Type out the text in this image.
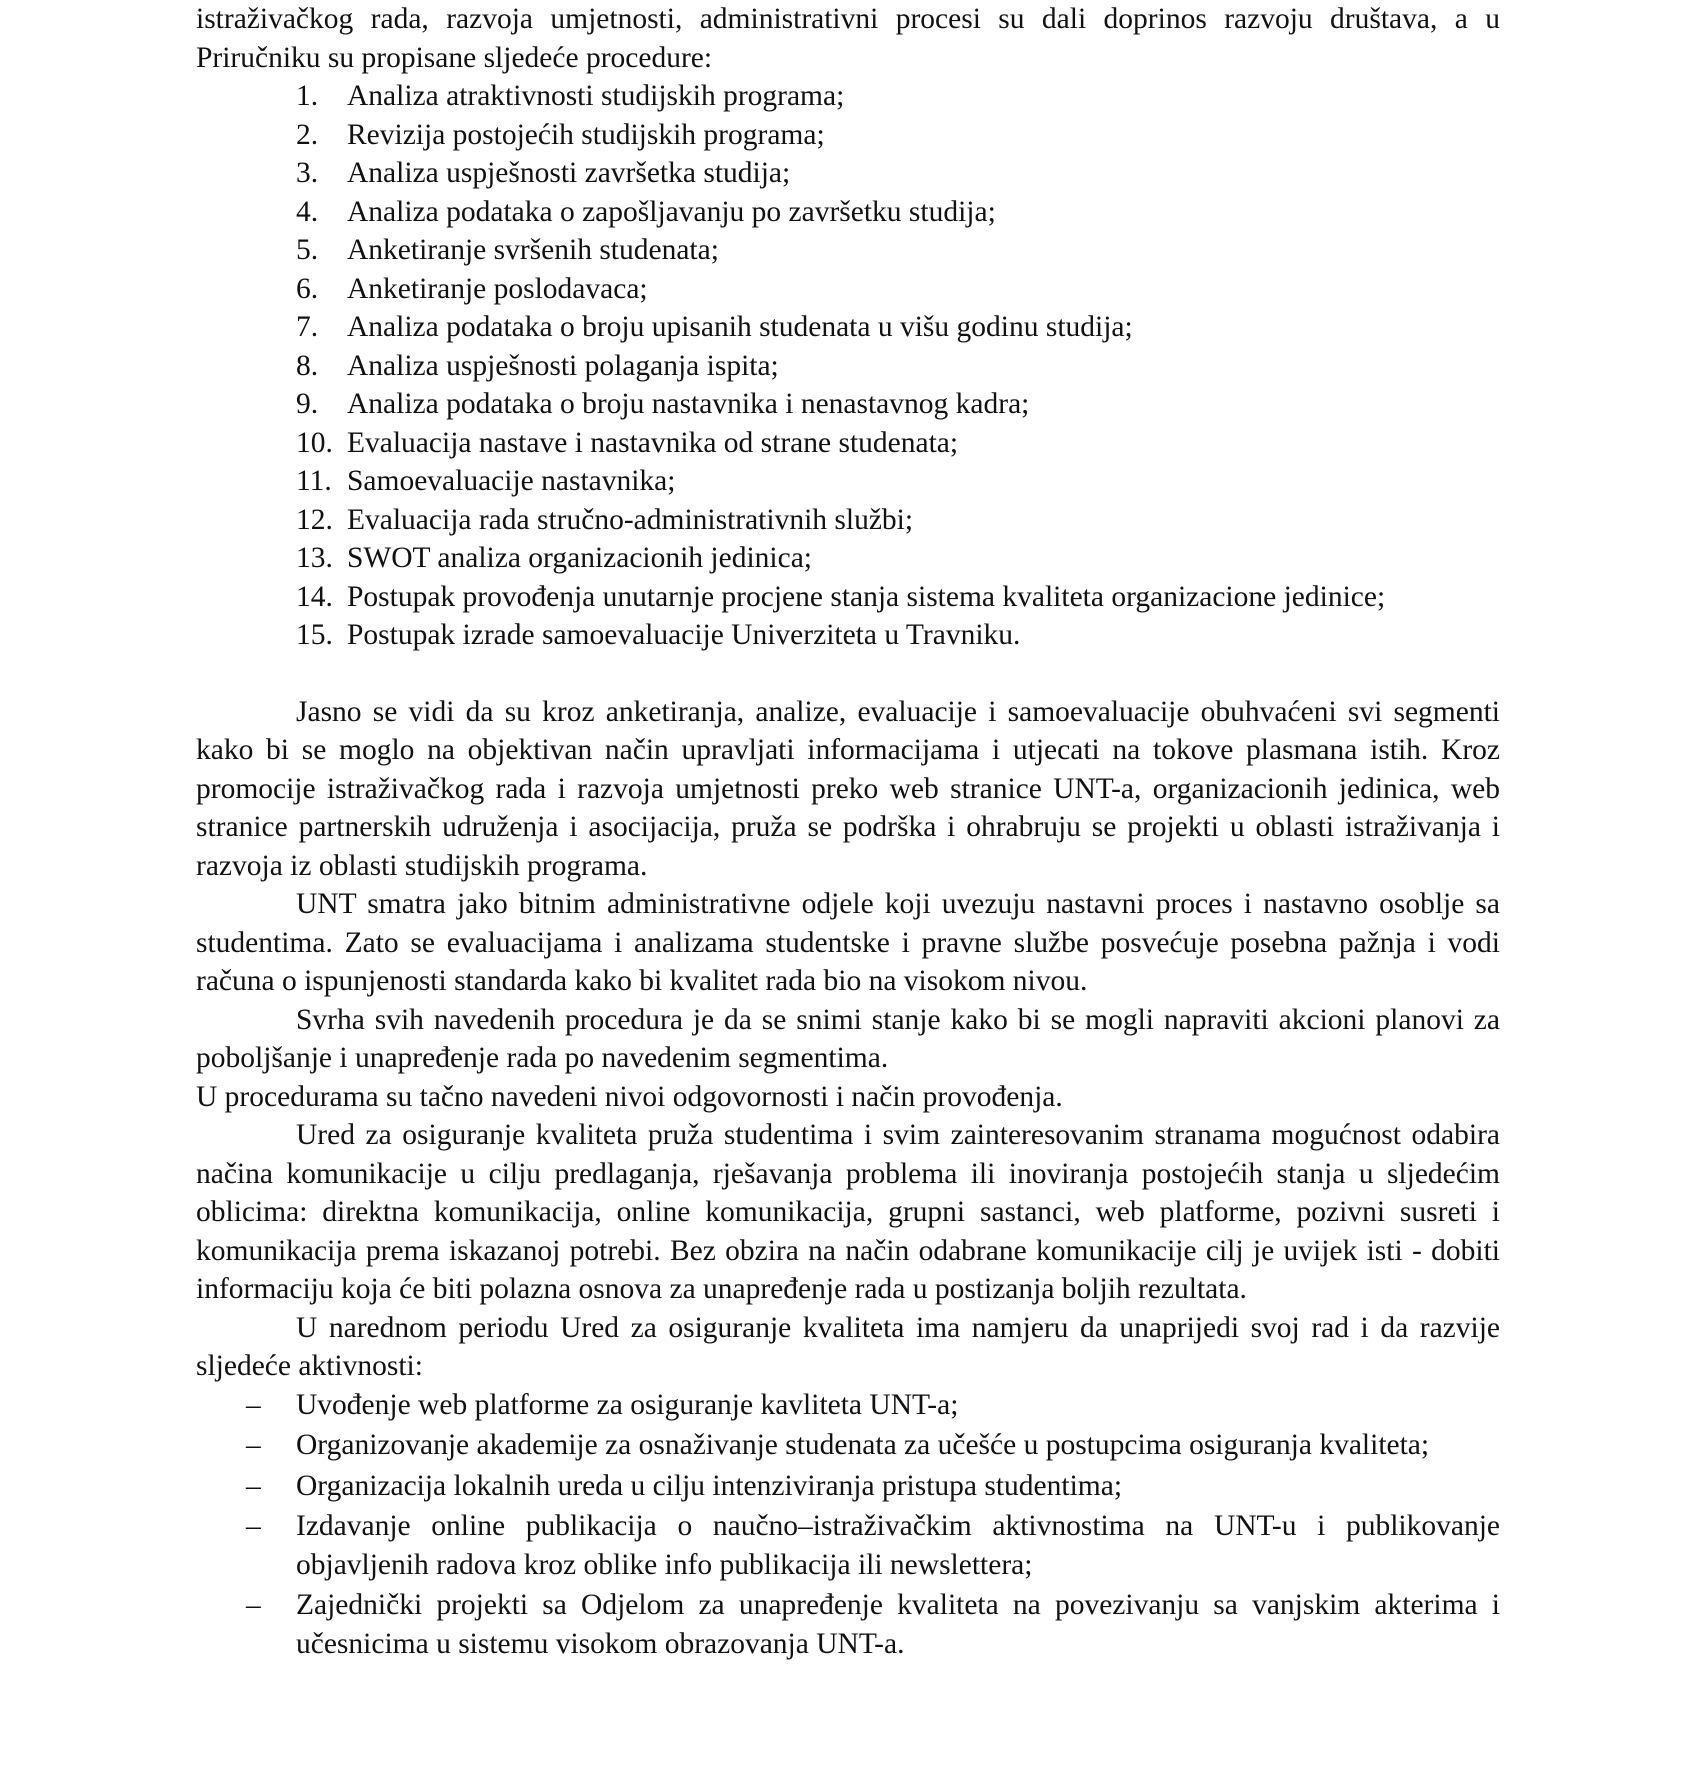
istraživačkog rada, razvoja umjetnosti, administrativni procesi su dali doprinos razvoju društava, a u Priručniku su propisane sljedeće procedure:

1. Analiza atraktivnosti studijskih programa;
2. Revizija postojećih studijskih programa;
3. Analiza uspješnosti završetka studija;
4. Analiza podataka o zapošljavanju po završetku studija;
5. Anketiranje svršenih studenata;
6. Anketiranje poslodavaca;
7. Analiza podataka o broju upisanih studenata u višu godinu studija;
8. Analiza uspješnosti polaganja ispita;
9. Analiza podataka o broju nastavnika i nenastavnog kadra;
10. Evaluacija nastave i nastavnika od strane studenata;
11. Samoevaluacije nastavnika;
12. Evaluacija rada stručno-administrativnih službi;
13. SWOT analiza organizacionih jedinica;
14. Postupak provođenja unutarnje procjene stanja sistema kvaliteta organizacione jedinice;
15. Postupak izrade samoevaluacije Univerziteta u Travniku.

Jasno se vidi da su kroz anketiranja, analize, evaluacije i samoevaluacije obuhvaćeni svi segmenti kako bi se moglo na objektivan način upravljati informacijama i utjecati na tokove plasmana istih. Kroz promocije istraživačkog rada i razvoja umjetnosti preko web stranice UNT-a, organizacionih jedinica, web stranice partnerskih udruženja i asocijacija, pruža se podrška i ohrabruju se projekti u oblasti istraživanja i razvoja iz oblasti studijskih programa.

UNT smatra jako bitnim administrativne odjele koji uvezuju nastavni proces i nastavno osoblje sa studentima. Zato se evaluacijama i analizama studentske i pravne službe posvećuje posebna pažnja i vodi računa o ispunjenosti standarda kako bi kvalitet rada bio na visokom nivou.

Svrha svih navedenih procedura je da se snimi stanje kako bi se mogli napraviti akcioni planovi za poboljšanje i unapređenje rada po navedenim segmentima.

U procedurama su tačno navedeni nivoi odgovornosti i način provođenja.

Ured za osiguranje kvaliteta pruža studentima i svim zainteresovanim stranama mogućnost odabira načina komunikacije u cilju predlaganja, rješavanja problema ili inoviranja postojećih stanja u sljedećim oblicima: direktna komunikacija, online komunikacija, grupni sastanci, web platforme, pozivni susreti i komunikacija prema iskazanoj potrebi. Bez obzira na način odabrane komunikacije cilj je uvijek isti - dobiti informaciju koja će biti polazna osnova za unapređenje rada u postizanja boljih rezultata.

U narednom periodu Ured za osiguranje kvaliteta ima namjeru da unaprijedi svoj rad i da razvije sljedeće aktivnosti:

–	Uvođenje web platforme za osiguranje kavliteta UNT-a;
–	Organizovanje akademije za osnaživanje studenata za učešće u postupcima osiguranja kvaliteta;
–	Organizacija lokalnih ureda u cilju intenziviranja pristupa studentima;
–	Izdavanje online publikacija o naučno–istraživačkim aktivnostima na UNT-u i publikovanje objavljenih radova kroz oblike info publikacija ili newslettera;
–	Zajednički projekti sa Odjelom za unapređenje kvaliteta na povezivanju sa vanjskim akterima i učesnicima u sistemu visokom obrazovanja UNT-a.
